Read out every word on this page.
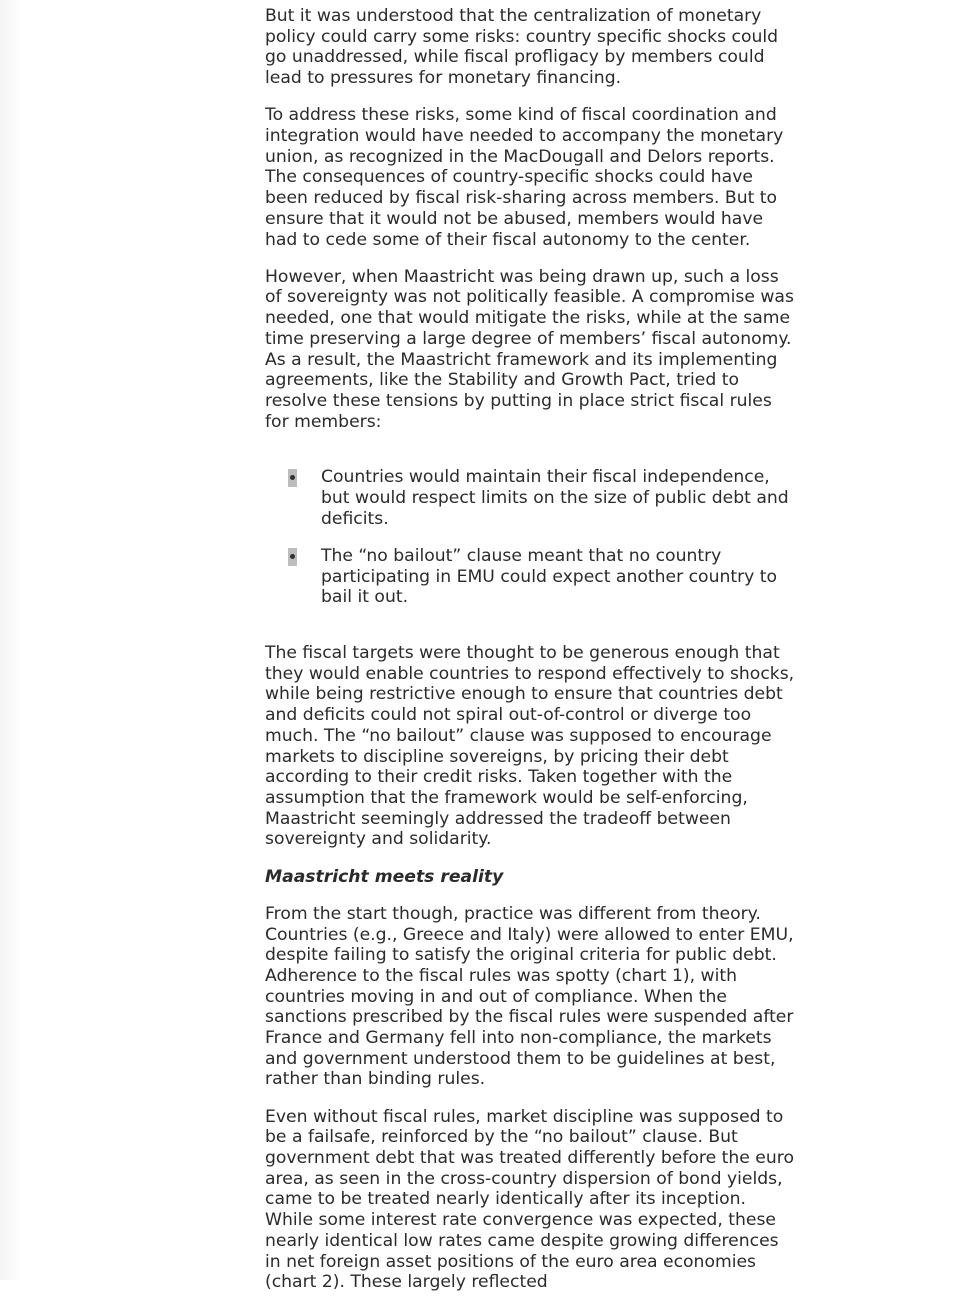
But it was understood that the centralization of monetary policy could carry some risks: country specific shocks could go unaddressed, while fiscal profligacy by members could lead to pressures for monetary financing.

To address these risks, some kind of fiscal coordination and integration would have needed to accompany the monetary union, as recognized in the MacDougall and Delors reports. The consequences of country-specific shocks could have been reduced by fiscal risk-sharing across members. But to ensure that it would not be abused, members would have had to cede some of their fiscal autonomy to the center.

However, when Maastricht was being drawn up, such a loss of sovereignty was not politically feasible. A compromise was needed, one that would mitigate the risks, while at the same time preserving a large degree of members’ fiscal autonomy. As a result, the Maastricht framework and its implementing agreements, like the Stability and Growth Pact, tried to resolve these tensions by putting in place strict fiscal rules for members:

Countries would maintain their fiscal independence, but would respect limits on the size of public debt and deficits.
The “no bailout” clause meant that no country participating in EMU could expect another country to bail it out.

The fiscal targets were thought to be generous enough that they would enable countries to respond effectively to shocks, while being restrictive enough to ensure that countries debt and deficits could not spiral out-of-control or diverge too much. The “no bailout” clause was supposed to encourage markets to discipline sovereigns, by pricing their debt according to their credit risks. Taken together with the assumption that the framework would be self-enforcing, Maastricht seemingly addressed the tradeoff between sovereignty and solidarity.

Maastricht meets reality

From the start though, practice was different from theory. Countries (e.g., Greece and Italy) were allowed to enter EMU, despite failing to satisfy the original criteria for public debt. Adherence to the fiscal rules was spotty (chart 1), with countries moving in and out of compliance. When the sanctions prescribed by the fiscal rules were suspended after France and Germany fell into non-compliance, the markets and government understood them to be guidelines at best, rather than binding rules.

Even without fiscal rules, market discipline was supposed to be a failsafe, reinforced by the “no bailout” clause. But government debt that was treated differently before the euro area, as seen in the cross-country dispersion of bond yields, came to be treated nearly identically after its inception. While some interest rate convergence was expected, these nearly identical low rates came despite growing differences in net foreign asset positions of the euro area economies (chart 2). These largely reflected
